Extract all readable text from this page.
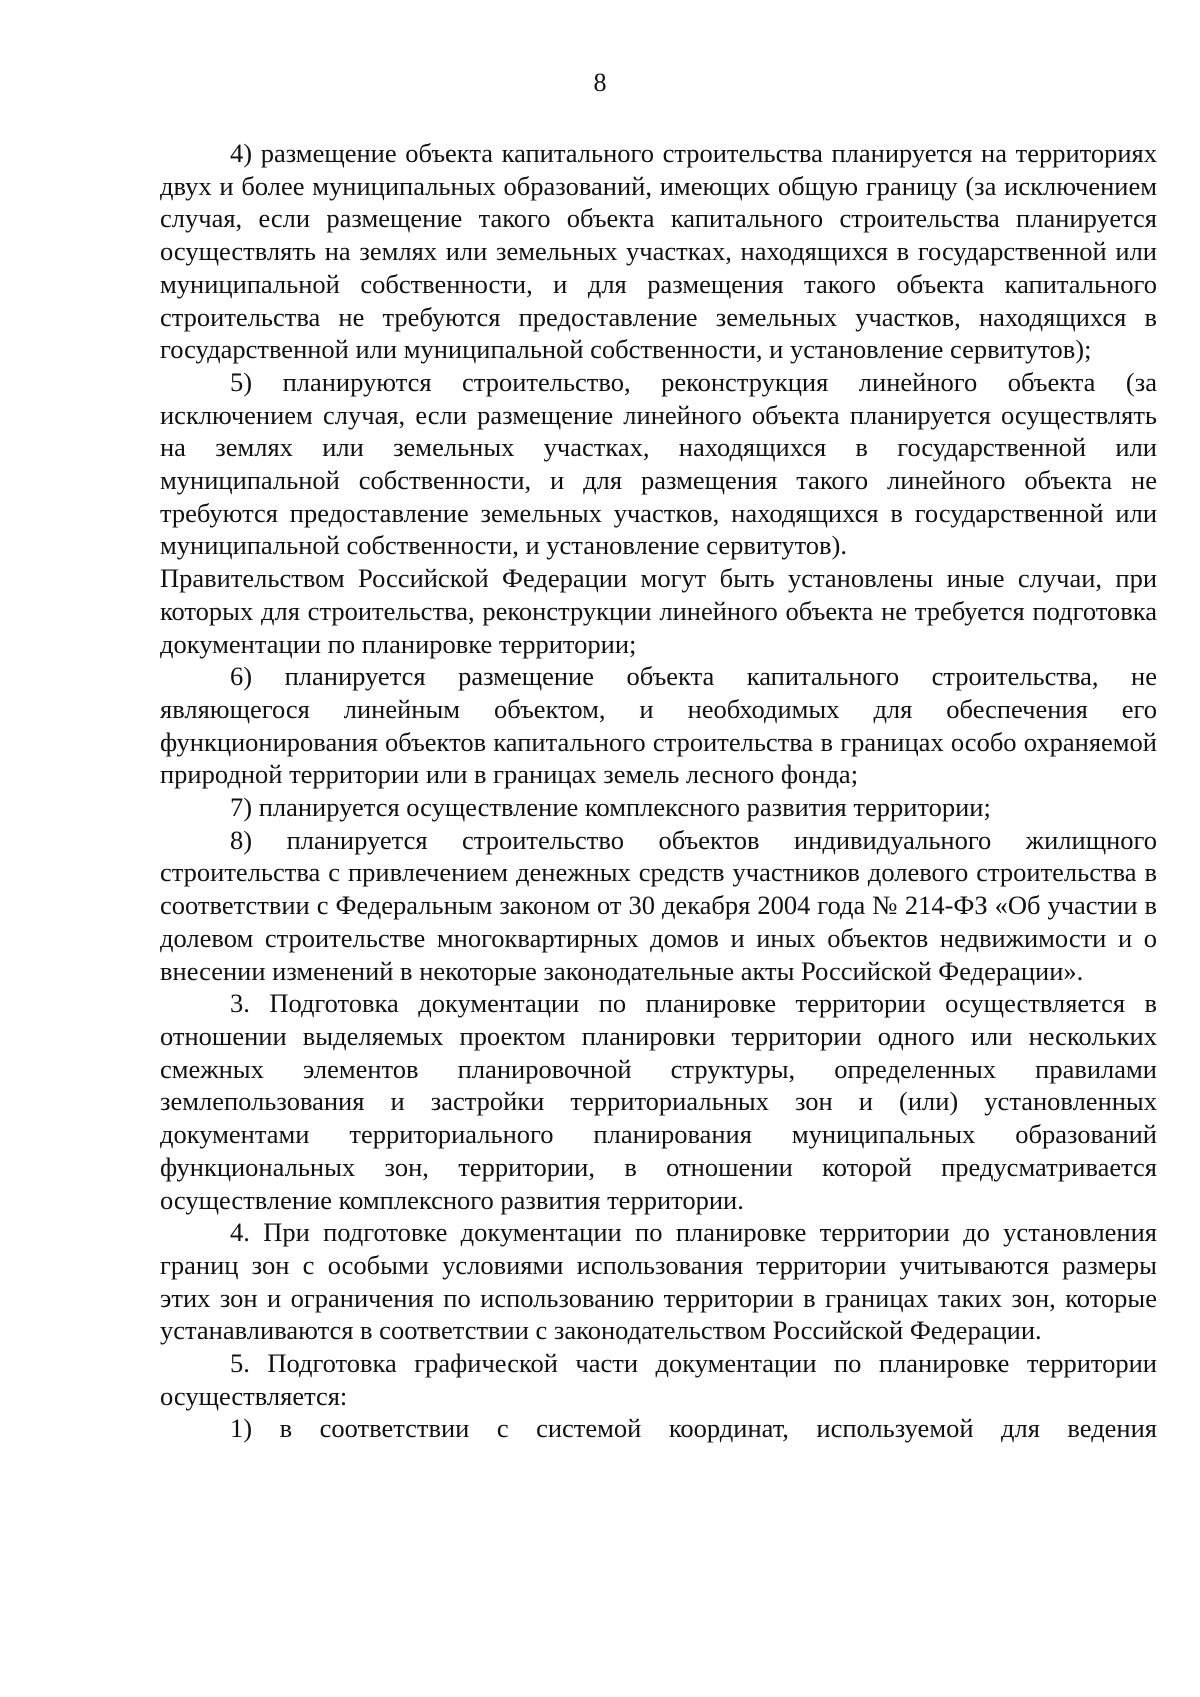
8

4) размещение объекта капитального строительства планируется на территориях двух и более муниципальных образований, имеющих общую границу (за исключением случая, если размещение такого объекта капитального строительства планируется осуществлять на землях или земельных участках, находящихся в государственной или муниципальной собственности, и для размещения такого объекта капитального строительства не требуются предоставление земельных участков, находящихся в государственной или муниципальной собственности, и установление сервитутов);

5) планируются строительство, реконструкция линейного объекта (за исключением случая, если размещение линейного объекта планируется осуществлять на землях или земельных участках, находящихся в государственной или муниципальной собственности, и для размещения такого линейного объекта не требуются предоставление земельных участков, находящихся в государственной или муниципальной собственности, и установление сервитутов).

Правительством Российской Федерации могут быть установлены иные случаи, при которых для строительства, реконструкции линейного объекта не требуется подготовка документации по планировке территории;

6) планируется размещение объекта капитального строительства, не являющегося линейным объектом, и необходимых для обеспечения его функционирования объектов капитального строительства в границах особо охраняемой природной территории или в границах земель лесного фонда;

7) планируется осуществление комплексного развития территории;

8) планируется строительство объектов индивидуального жилищного строительства с привлечением денежных средств участников долевого строительства в соответствии с Федеральным законом от 30 декабря 2004 года № 214-ФЗ «Об участии в долевом строительстве многоквартирных домов и иных объектов недвижимости и о внесении изменений в некоторые законодательные акты Российской Федерации».

3. Подготовка документации по планировке территории осуществляется в отношении выделяемых проектом планировки территории одного или нескольких смежных элементов планировочной структуры, определенных правилами землепользования и застройки территориальных зон и (или) установленных документами территориального планирования муниципальных образований функциональных зон, территории, в отношении которой предусматривается осуществление комплексного развития территории.

4. При подготовке документации по планировке территории до установления границ зон с особыми условиями использования территории учитываются размеры этих зон и ограничения по использованию территории в границах таких зон, которые устанавливаются в соответствии с законодательством Российской Федерации.

5. Подготовка графической части документации по планировке территории осуществляется:

1) в соответствии с системой координат, используемой для ведения
